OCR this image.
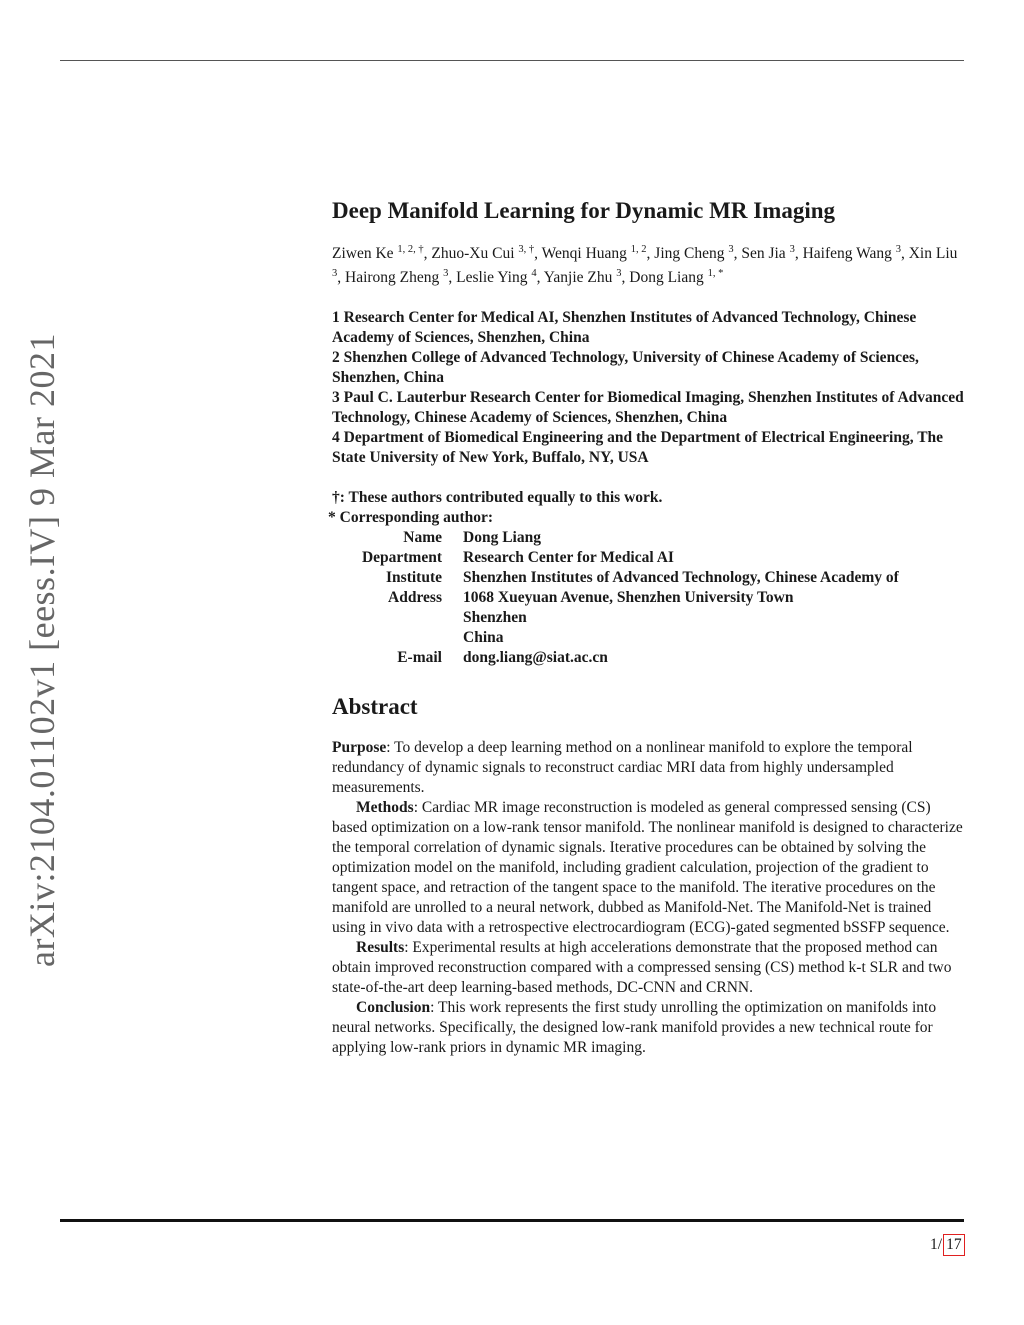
arXiv:2104.01102v1 [eess.IV] 9 Mar 2021
Deep Manifold Learning for Dynamic MR Imaging
Ziwen Ke $^{1, 2, \dagger}$, Zhuo-Xu Cui $^{3, \dagger}$, Wenqi Huang $^{1, 2}$, Jing Cheng $^3$, Sen Jia $^3$, Haifeng Wang $^3$, Xin Liu $^3$, Hairong Zheng $^3$, Leslie Ying $^4$, Yanjie Zhu $^3$, Dong Liang $^{1, *}$
1 Research Center for Medical AI, Shenzhen Institutes of Advanced Technology, Chinese Academy of Sciences, Shenzhen, China
2 Shenzhen College of Advanced Technology, University of Chinese Academy of Sciences, Shenzhen, China
3 Paul C. Lauterbur Research Center for Biomedical Imaging, Shenzhen Institutes of Advanced Technology, Chinese Academy of Sciences, Shenzhen, China
4 Department of Biomedical Engineering and the Department of Electrical Engineering, The State University of New York, Buffalo, NY, USA
†: These authors contributed equally to this work.
* Corresponding author:
Name Dong Liang
Department Research Center for Medical AI
Institute Shenzhen Institutes of Advanced Technology, Chinese Academy of
Address 1068 Xueyuan Avenue, Shenzhen University Town
Shenzhen
China
E-mail dong.liang@siat.ac.cn
Abstract

Purpose: To develop a deep learning method on a nonlinear manifold to explore the temporal redundancy of dynamic signals to reconstruct cardiac MRI data from highly undersampled measurements.

Methods: Cardiac MR image reconstruction is modeled as general compressed sensing (CS) based optimization on a low-rank tensor manifold. The nonlinear manifold is designed to characterize the temporal correlation of dynamic signals. Iterative procedures can be obtained by solving the optimization model on the manifold, including gradient calculation, projection of the gradient to tangent space, and retraction of the tangent space to the manifold. The iterative procedures on the manifold are unrolled to a neural network, dubbed as Manifold-Net. The Manifold-Net is trained using in vivo data with a retrospective electrocardiogram (ECG)-gated segmented bSSFP sequence.

Results: Experimental results at high accelerations demonstrate that the proposed method can obtain improved reconstruction compared with a compressed sensing (CS) method k-t SLR and two state-of-the-art deep learning-based methods, DC-CNN and CRNN.

Conclusion: This work represents the first study unrolling the optimization on manifolds into neural networks. Specifically, the designed low-rank manifold provides a new technical route for applying low-rank priors in dynamic MR imaging.

1/ 17
